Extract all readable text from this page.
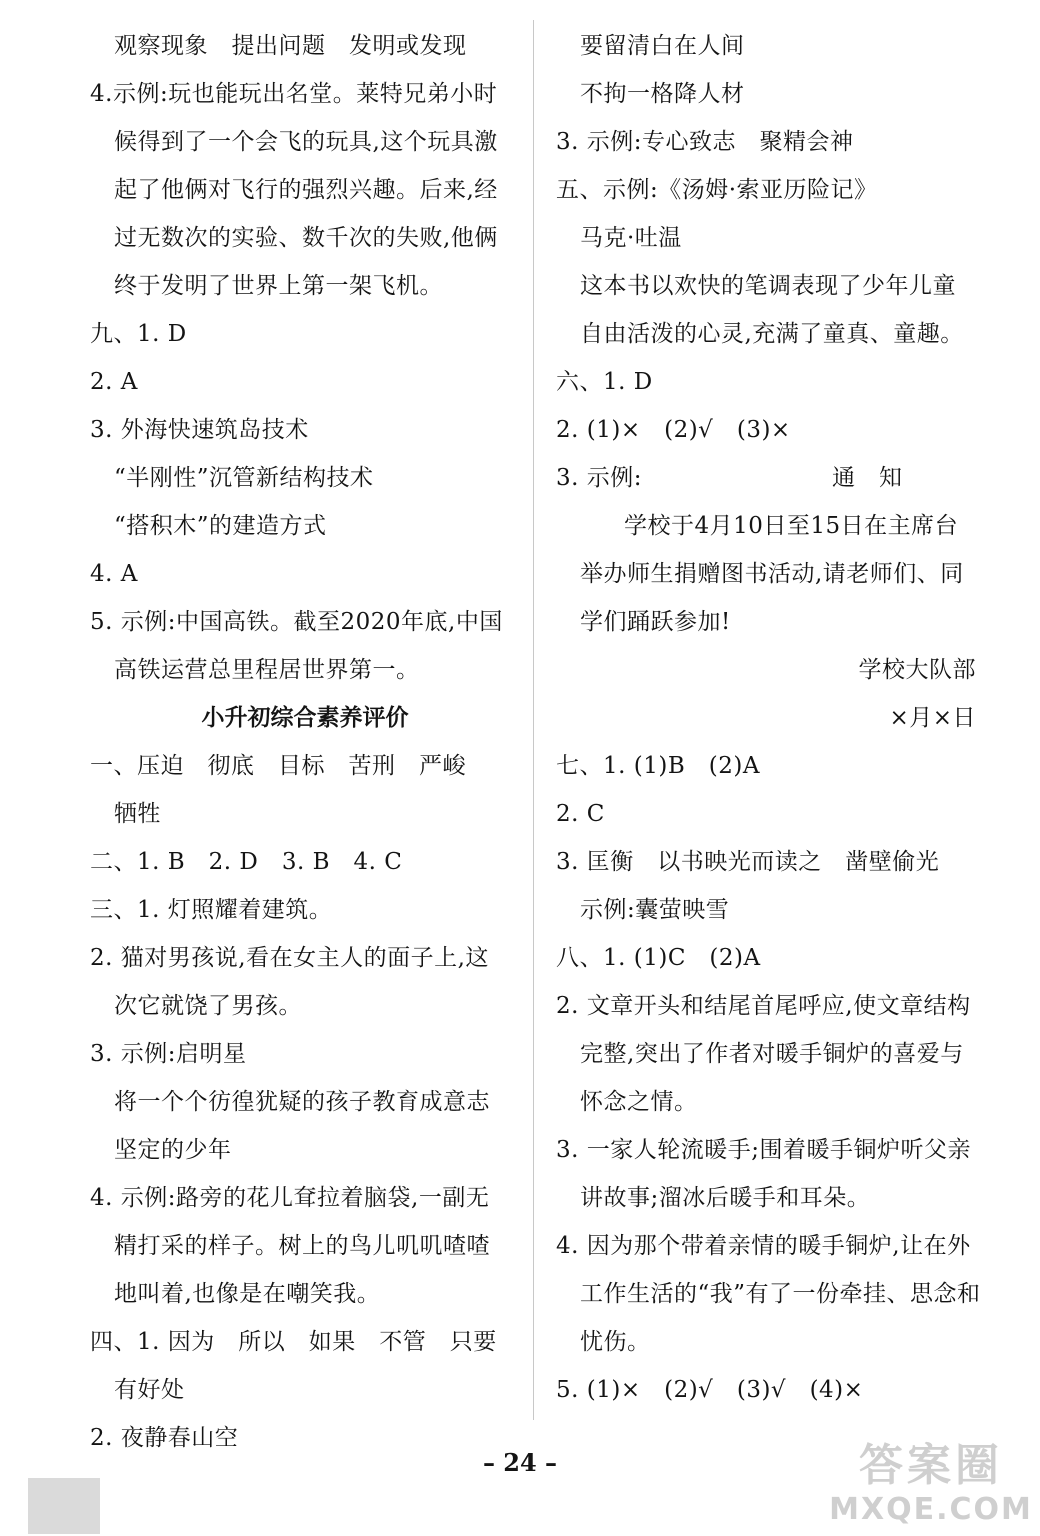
观察现象　提出问题　发明或发现
4.示例:玩也能玩出名堂。莱特兄弟小时
候得到了一个会飞的玩具,这个玩具激
起了他俩对飞行的强烈兴趣。后来,经
过无数次的实验、数千次的失败,他俩
终于发明了世界上第一架飞机。
九、1. D
2. A
3. 外海快速筑岛技术
“半刚性”沉管新结构技术
“搭积木”的建造方式
4. A
5. 示例:中国高铁。截至2020年底,中国
高铁运营总里程居世界第一。
小升初综合素养评价
一、压迫　彻底　目标　苦刑　严峻
牺牲
二、1. B　2. D　3. B　4. C
三、1. 灯照耀着建筑。
2. 猫对男孩说,看在女主人的面子上,这
次它就饶了男孩。
3. 示例:启明星
将一个个彷徨犹疑的孩子教育成意志
坚定的少年
4. 示例:路旁的花儿耷拉着脑袋,一副无
精打采的样子。树上的鸟儿叽叽喳喳
地叫着,也像是在嘲笑我。
四、1. 因为　所以　如果　不管　只要
有好处
2. 夜静春山空
要留清白在人间
不拘一格降人材
3. 示例:专心致志　聚精会神
五、示例:《汤姆·索亚历险记》
马克·吐温
这本书以欢快的笔调表现了少年儿童
自由活泼的心灵,充满了童真、童趣。
六、1. D
2. (1)×　(2)√　(3)×
3. 示例:	通知
学校于4月10日至15日在主席台
举办师生捐赠图书活动,请老师们、同
学们踊跃参加!
学校大队部
×月×日
七、1. (1)B　(2)A
2. C
3. 匡衡　以书映光而读之　凿壁偷光
示例:囊萤映雪
八、1. (1)C　(2)A
2. 文章开头和结尾首尾呼应,使文章结构
完整,突出了作者对暖手铜炉的喜爱与
怀念之情。
3. 一家人轮流暖手;围着暖手铜炉听父亲
讲故事;溜冰后暖手和耳朵。
4. 因为那个带着亲情的暖手铜炉,让在外
工作生活的“我”有了一份牵挂、思念和
忧伤。
5. (1)×　(2)√　(3)√　(4)×
– 24 –	答案圈
MXQE.COM
